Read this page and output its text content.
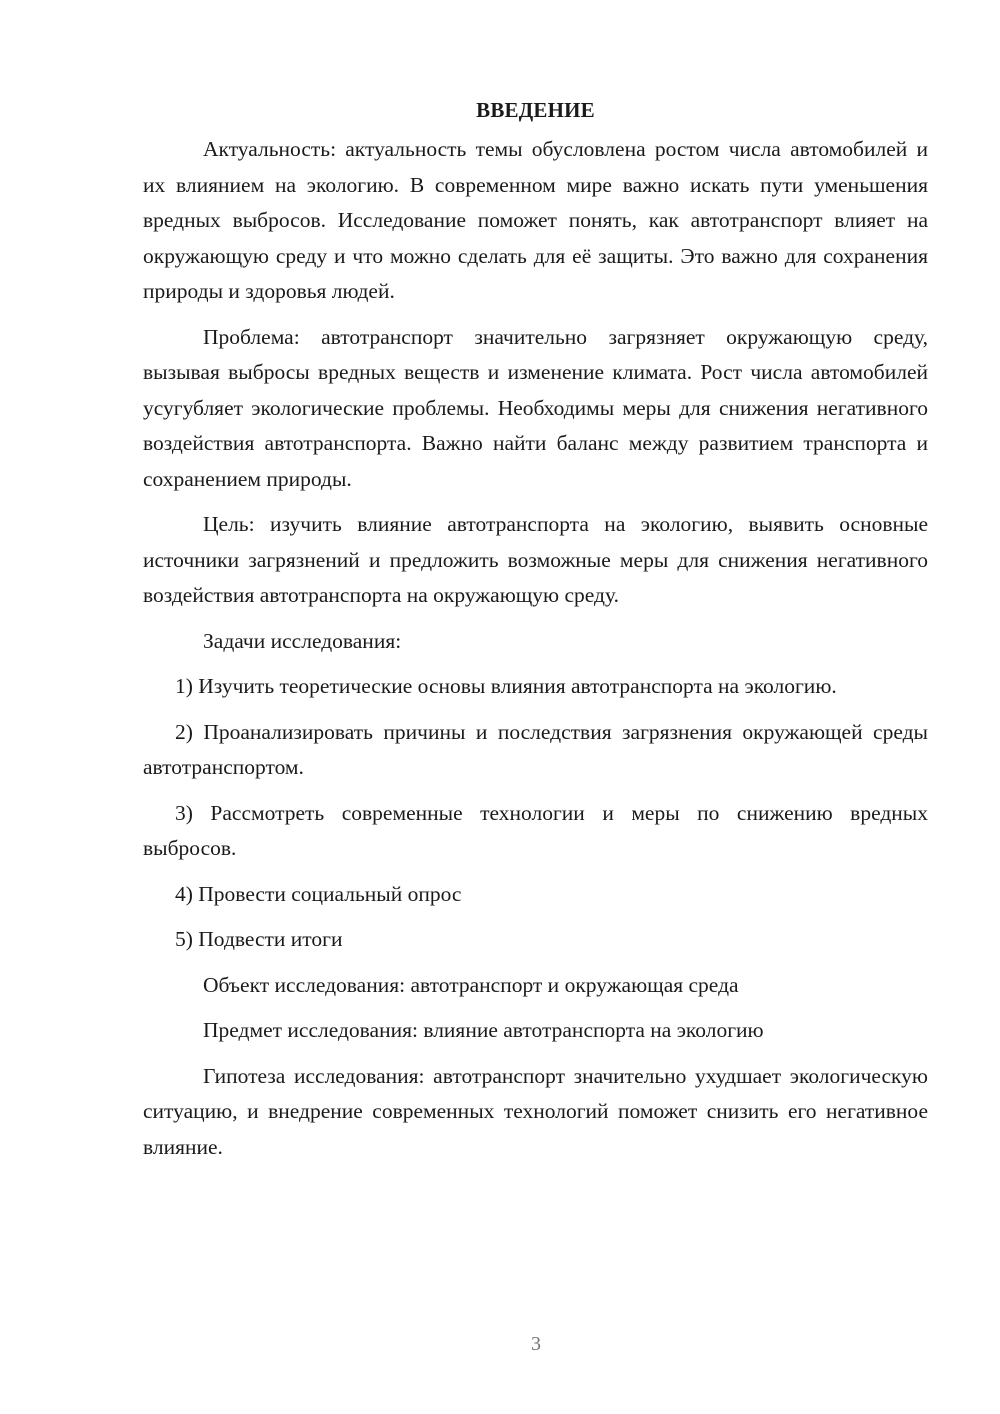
ВВЕДЕНИЕ

Актуальность: актуальность темы обусловлена ростом числа автомобилей и их влиянием на экологию. В современном мире важно искать пути уменьшения вредных выбросов. Исследование поможет понять, как автотранспорт влияет на окружающую среду и что можно сделать для её защиты. Это важно для сохранения природы и здоровья людей.

Проблема: автотранспорт значительно загрязняет окружающую среду, вызывая выбросы вредных веществ и изменение климата. Рост числа автомобилей усугубляет экологические проблемы. Необходимы меры для снижения негативного воздействия автотранспорта. Важно найти баланс между развитием транспорта и сохранением природы.

Цель: изучить влияние автотранспорта на экологию, выявить основные источники загрязнений и предложить возможные меры для снижения негативного воздействия автотранспорта на окружающую среду.

Задачи исследования:

1) Изучить теоретические основы влияния автотранспорта на экологию.

2) Проанализировать причины и последствия загрязнения окружающей среды автотранспортом.

3) Рассмотреть современные технологии и меры по снижению вредных выбросов.

4) Провести социальный опрос

5) Подвести итоги

Объект исследования: автотранспорт и окружающая среда

Предмет исследования: влияние автотранспорта на экологию

Гипотеза исследования: автотранспорт значительно ухудшает экологическую ситуацию, и внедрение современных технологий поможет снизить его негативное влияние.

3
